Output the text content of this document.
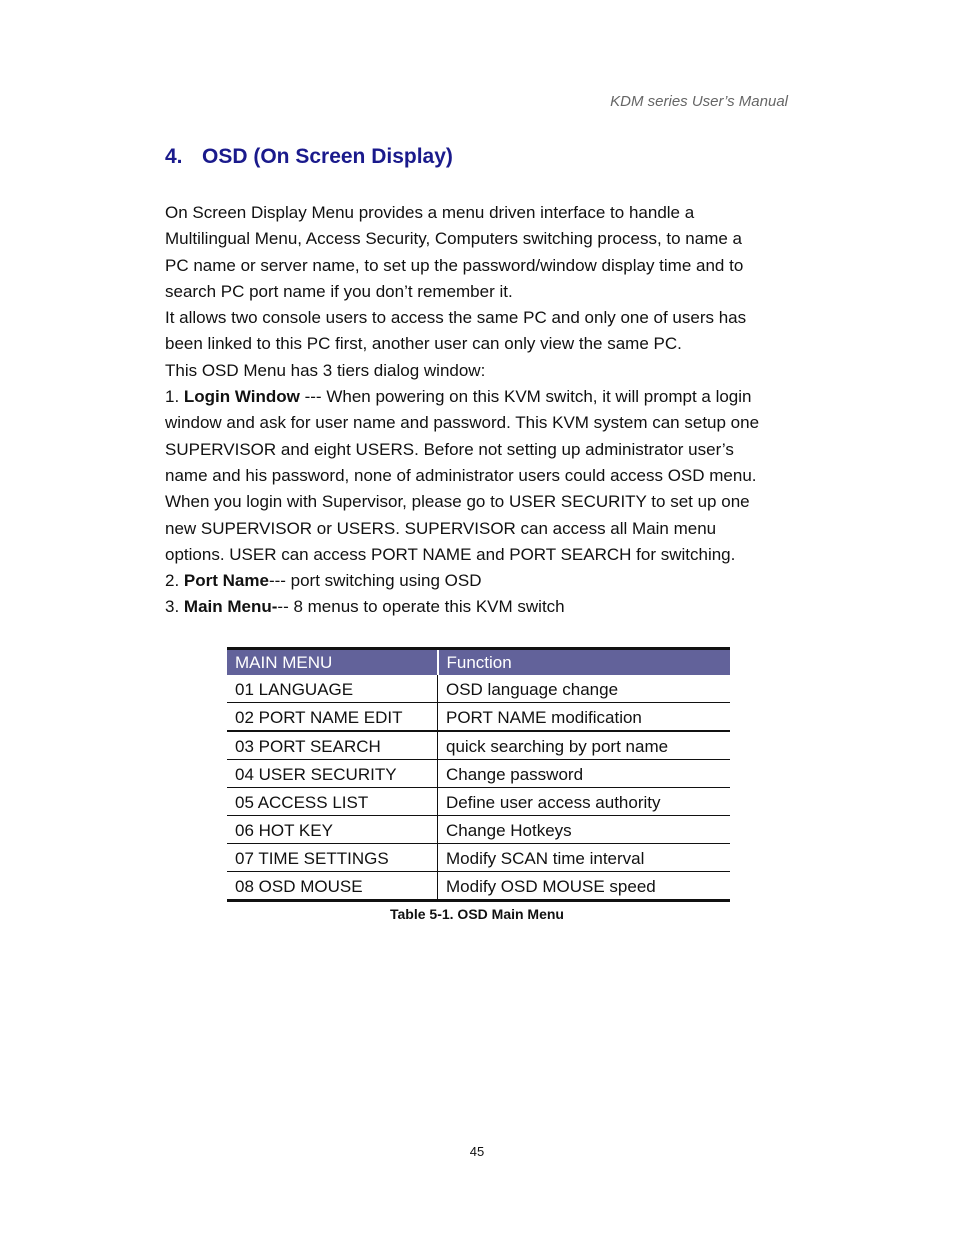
KDM series User’s Manual
4. OSD (On Screen Display)

On Screen Display Menu provides a menu driven interface to handle a
Multilingual Menu, Access Security, Computers switching process, to name a
PC name or server name, to set up the password/window display time and to
search PC port name if you don’t remember it.

It allows two console users to access the same PC and only one of users has
been linked to this PC first, another user can only view the same PC.

This OSD Menu has 3 tiers dialog window:

1. Login Window --- When powering on this KVM switch, it will prompt a login
window and ask for user name and password. This KVM system can setup one
SUPERVISOR and eight USERS. Before not setting up administrator user’s
name and his password, none of administrator users could access OSD menu.
When you login with Supervisor, please go to USER SECURITY to set up one
new SUPERVISOR or USERS. SUPERVISOR can access all Main menu
options. USER can access PORT NAME and PORT SEARCH for switching.

2. Port Name--- port switching using OSD

3. Main Menu--- 8 menus to operate this KVM switch

MAIN MENU	Function
01 LANGUAGE	OSD language change
02 PORT NAME EDIT	PORT NAME modification
03 PORT SEARCH	quick searching by port name
04 USER SECURITY	Change password
05 ACCESS LIST	Define user access authority
06 HOT KEY	Change Hotkeys
07 TIME SETTINGS	Modify SCAN time interval
08 OSD MOUSE	Modify OSD MOUSE speed
Table 5-1. OSD Main Menu
45
